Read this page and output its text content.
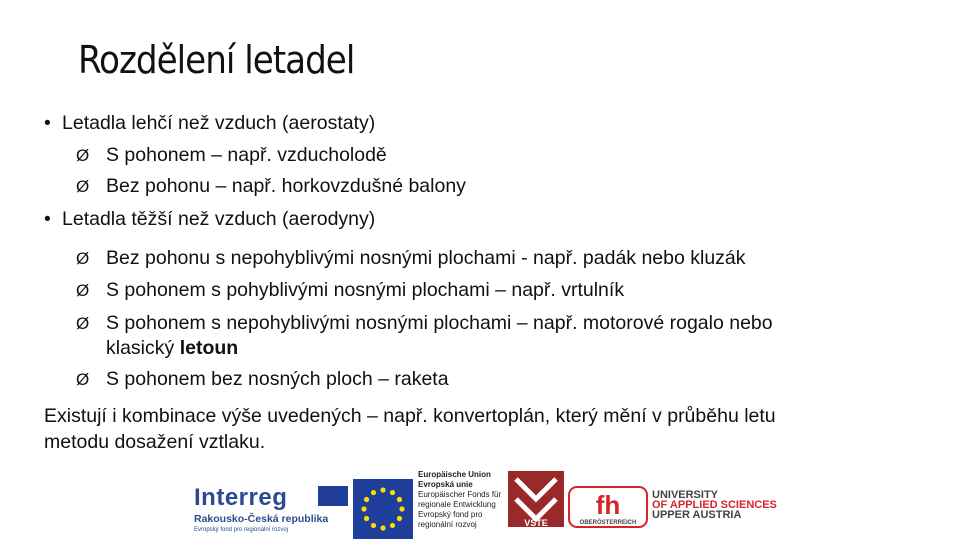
Rozdělení letadel
• Letadla lehčí než vzduch (aerostaty)
Ø S pohonem – např. vzducholodě
Ø Bez pohonu – např. horkovzdušné balony
• Letadla těžší než vzduch (aerodyny)
Ø Bez pohonu s nepohyblivými nosnými plochami - např. padák nebo kluzák
Ø S pohonem s pohyblivými nosnými plochami – např. vrtulník
Ø S pohonem s nepohyblivými nosnými plochami – např. motorové rogalo nebo
klasický letoun
Ø S pohonem bez nosných ploch – raketa
Existují i kombinace výše uvedených – např. konvertoplán, který mění v průběhu letu
metodu dosažení vztlaku.
Interreg
Rakousko-Česká republika
Evropský fond pro regionální rozvoj
Europäische Union
Evropská unie
Europäischer Fonds für
regionale Entwicklung
Evropský fond pro
regionální rozvoj	VŠTE
fh
OBERÖSTERREICH
UNIVERSITY
OF APPLIED SCIENCES
UPPER AUSTRIA
